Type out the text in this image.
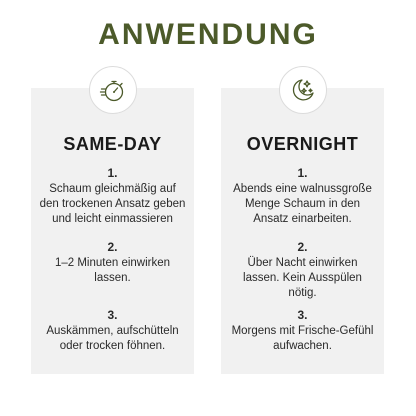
ANWENDUNG
SAME-DAY
1.
Schaum gleichmäßig auf den trockenen Ansatz geben und leicht einmassieren
2.
1–2 Minuten einwirken lassen.
3.
Auskämmen, aufschütteln oder trocken föhnen.
OVERNIGHT
1.
Abends eine walnussgroße Menge Schaum in den Ansatz einarbeiten.
2.
Über Nacht einwirken lassen. Kein Ausspülen nötig.
3.
Morgens mit Frische-Gefühl aufwachen.
